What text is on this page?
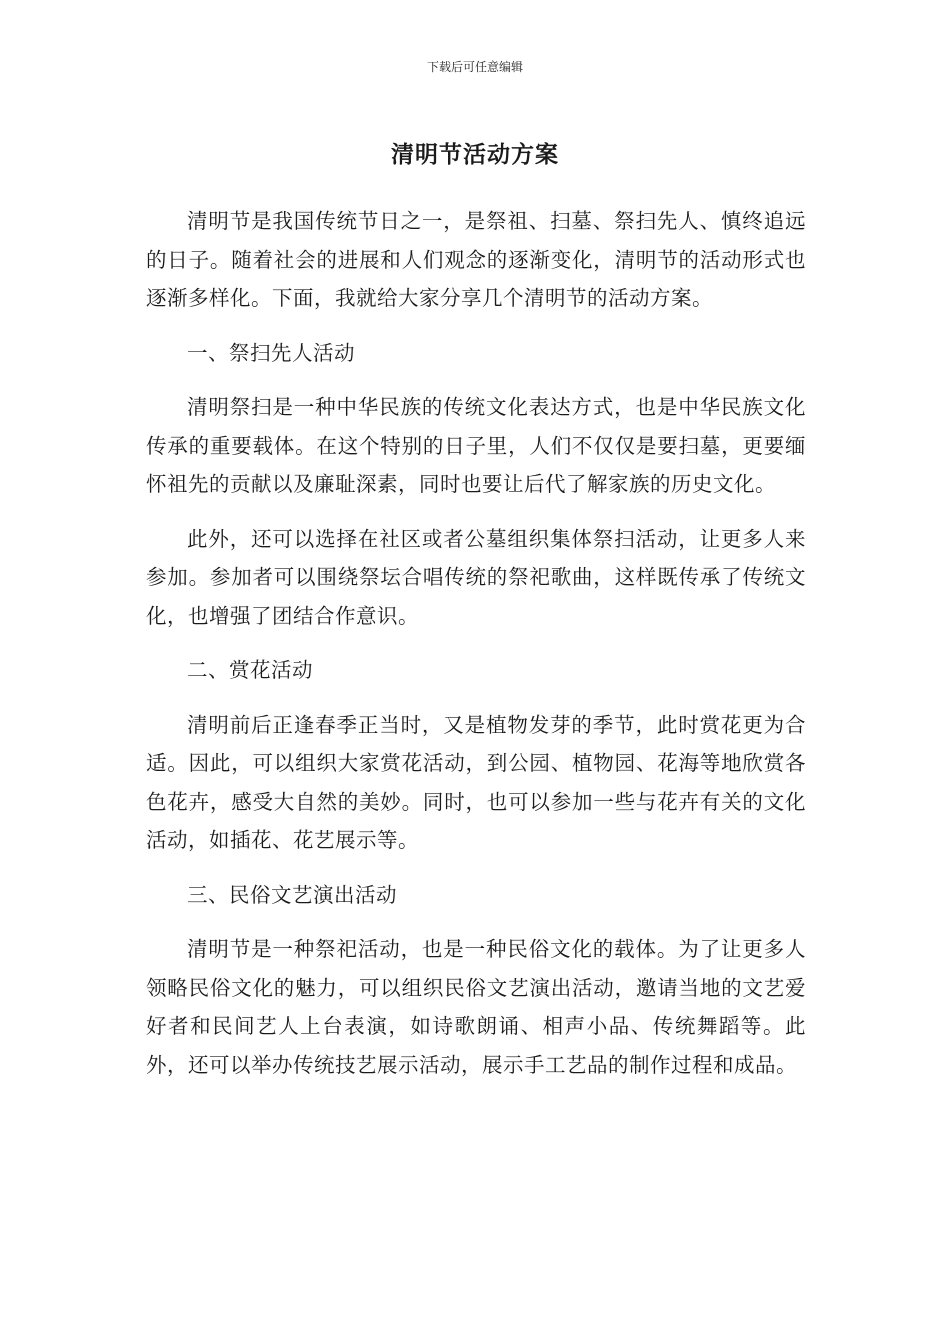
下载后可任意编辑
清明节活动方案

清明节是我国传统节日之一，是祭祖、扫墓、祭扫先人、慎终追远的日子。随着社会的进展和人们观念的逐渐变化，清明节的活动形式也逐渐多样化。下面，我就给大家分享几个清明节的活动方案。

一、祭扫先人活动

清明祭扫是一种中华民族的传统文化表达方式，也是中华民族文化传承的重要载体。在这个特别的日子里，人们不仅仅是要扫墓，更要缅怀祖先的贡献以及廉耻深素，同时也要让后代了解家族的历史文化。

此外，还可以选择在社区或者公墓组织集体祭扫活动，让更多人来参加。参加者可以围绕祭坛合唱传统的祭祀歌曲，这样既传承了传统文化，也增强了团结合作意识。

二、赏花活动

清明前后正逢春季正当时，又是植物发芽的季节，此时赏花更为合适。因此，可以组织大家赏花活动，到公园、植物园、花海等地欣赏各色花卉，感受大自然的美妙。同时，也可以参加一些与花卉有关的文化活动，如插花、花艺展示等。

三、民俗文艺演出活动

清明节是一种祭祀活动，也是一种民俗文化的载体。为了让更多人领略民俗文化的魅力，可以组织民俗文艺演出活动，邀请当地的文艺爱好者和民间艺人上台表演，如诗歌朗诵、相声小品、传统舞蹈等。此外，还可以举办传统技艺展示活动，展示手工艺品的制作过程和成品。
